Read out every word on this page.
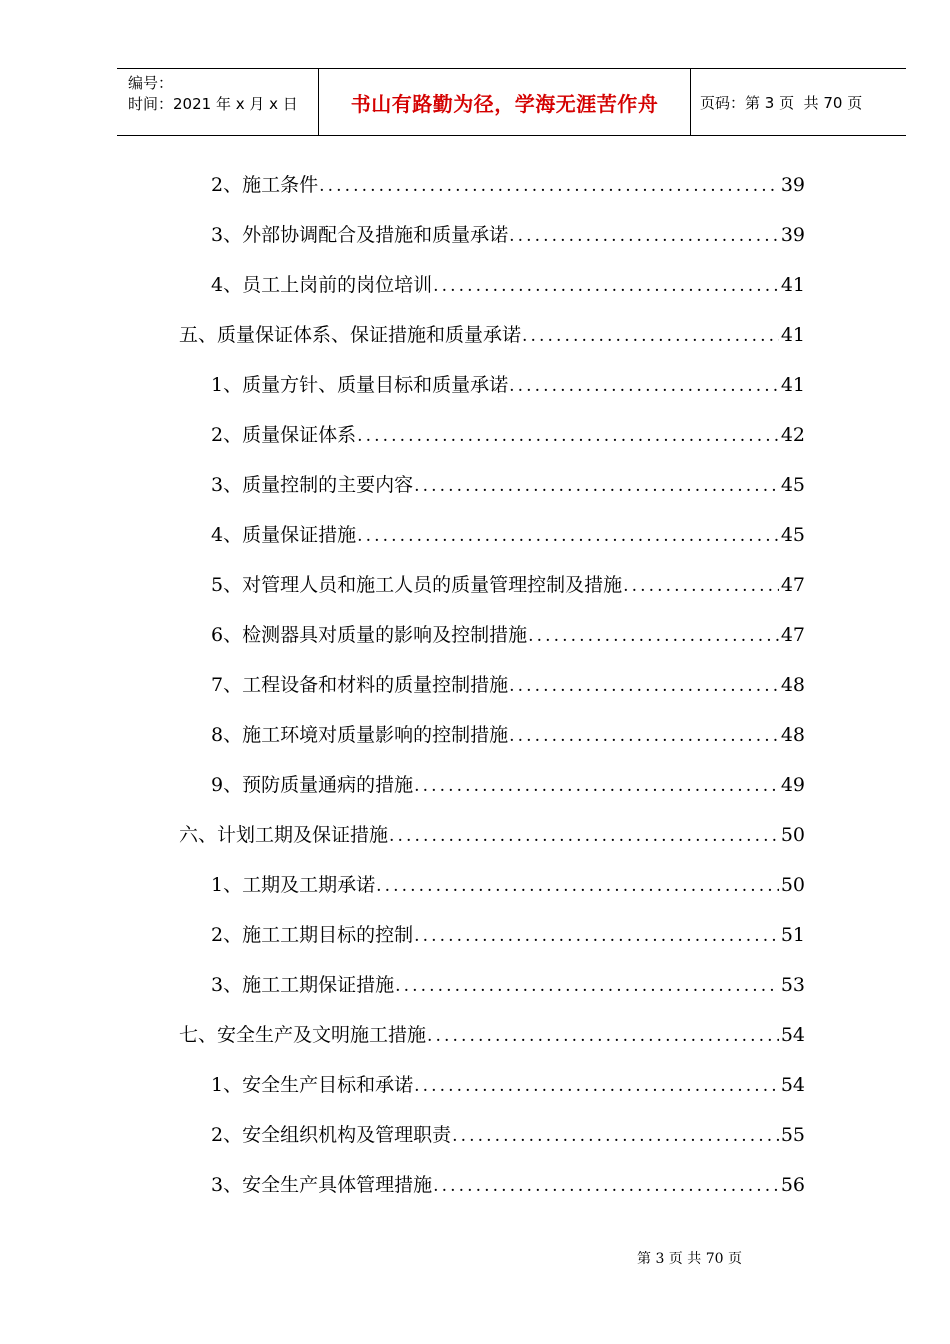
编号：
时间：2021 年 x 月 x 日	书山有路勤为径，学海无涯苦作舟	页码：第 3 页  共 70 页
2、施工条件 .....	39
3、外部协调配合及措施和质量承诺 .....	39
4、员工上岗前的岗位培训 .....	41
五、质量保证体系、保证措施和质量承诺 .....	41
1、质量方针、质量目标和质量承诺 .....	41
2、质量保证体系 .....	42
3、质量控制的主要内容 .....	45
4、质量保证措施 .....	45
5、对管理人员和施工人员的质量管理控制及措施 .....	47
6、检测器具对质量的影响及控制措施 .....	47
7、工程设备和材料的质量控制措施 .....	48
8、施工环境对质量影响的控制措施 .....	48
9、预防质量通病的措施 .....	49
六、计划工期及保证措施 .....	50
1、工期及工期承诺 .....	50
2、施工工期目标的控制 .....	51
3、施工工期保证措施 .....	53
七、安全生产及文明施工措施 .....	54
1、安全生产目标和承诺 .....	54
2、安全组织机构及管理职责 .....	55
3、安全生产具体管理措施 .....	56
第 3 页 共 70 页
